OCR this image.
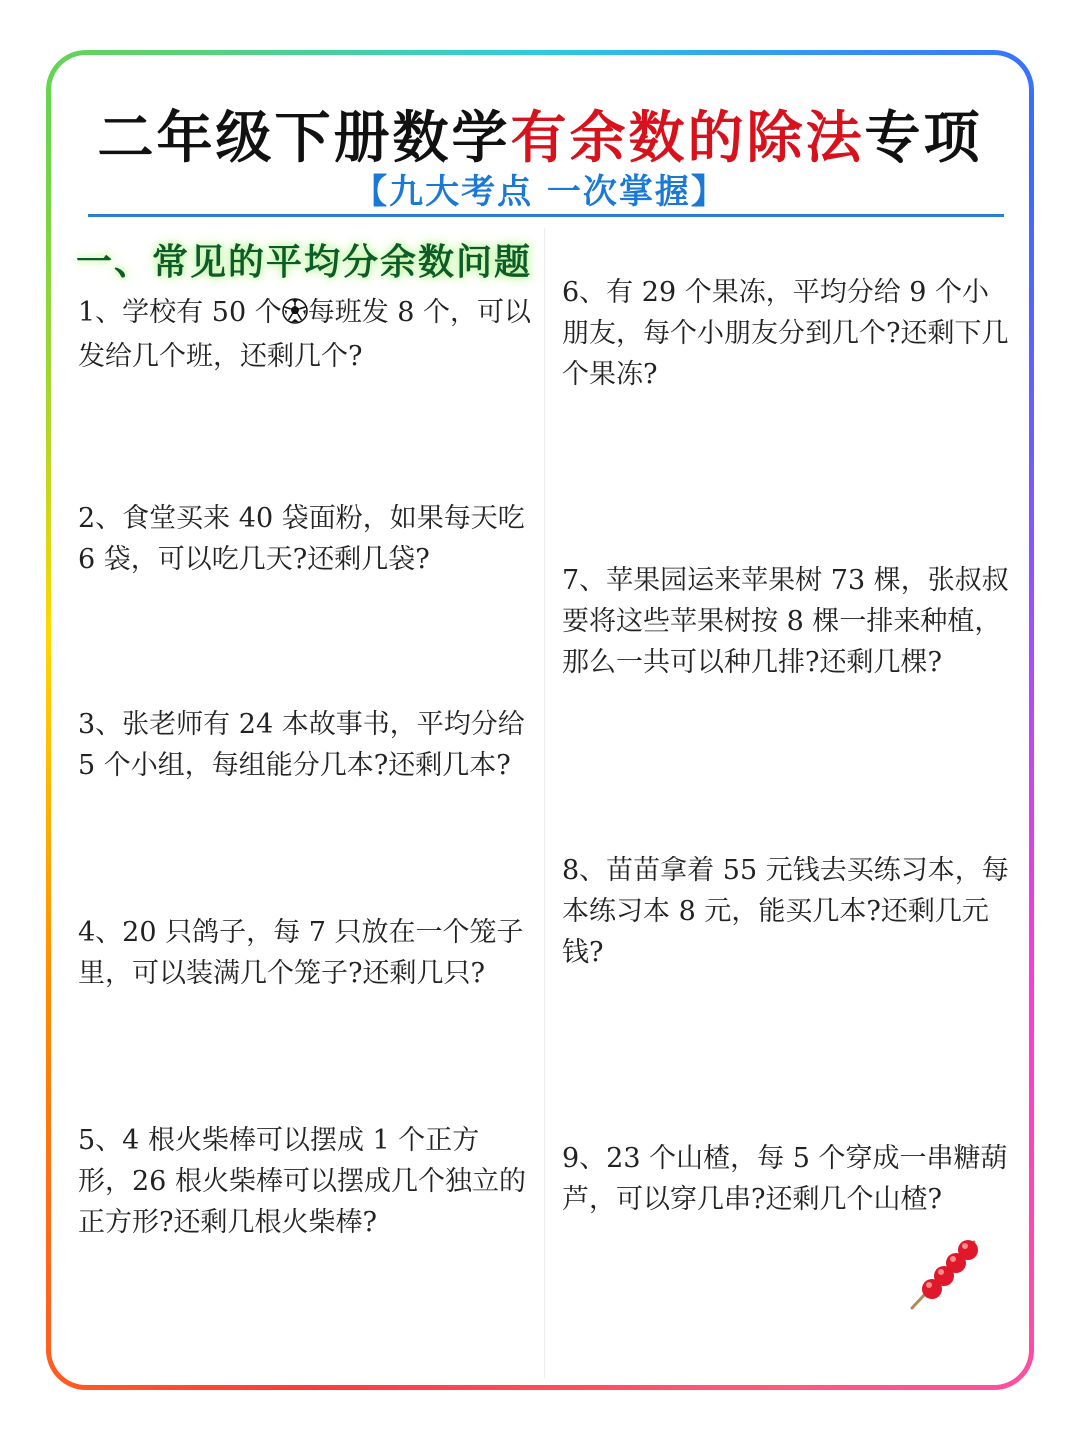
二年级下册数学有余数的除法专项
【九大考点 一次掌握】
一、常见的平均分余数问题

1、学校有 50 个 每班发 8 个，可以发给几个班，还剩几个?

2、食堂买来 40 袋面粉，如果每天吃 6 袋，可以吃几天?还剩几袋?

3、张老师有 24 本故事书，平均分给 5 个小组，每组能分几本?还剩几本?

4、20 只鸽子，每 7 只放在一个笼子里，可以装满几个笼子?还剩几只?

5、4 根火柴棒可以摆成 1 个正方形，26 根火柴棒可以摆成几个独立的正方形?还剩几根火柴棒?

6、有 29 个果冻，平均分给 9 个小朋友，每个小朋友分到几个?还剩下几个果冻?

7、苹果园运来苹果树 73 棵，张叔叔要将这些苹果树按 8 棵一排来种植，那么一共可以种几排?还剩几棵?

8、苗苗拿着 55 元钱去买练习本，每本练习本 8 元，能买几本?还剩几元钱?

9、23 个山楂，每 5 个穿成一串糖葫芦，可以穿几串?还剩几个山楂?
